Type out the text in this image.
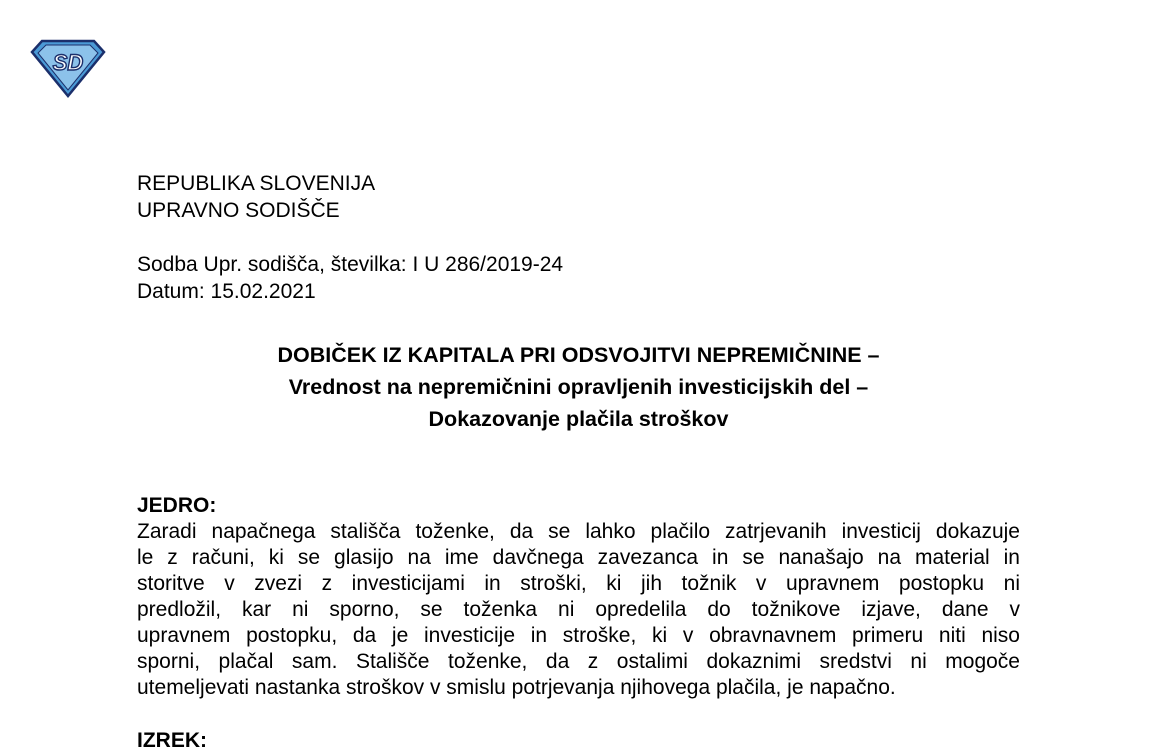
SD
REPUBLIKA SLOVENIJA
UPRAVNO SODIŠČE
Sodba Upr. sodišča, številka: I U 286/2019-24
Datum: 15.02.2021
DOBIČEK IZ KAPITALA PRI ODSVOJITVI NEPREMIČNINE –
Vrednost na nepremičnini opravljenih investicijskih del –
Dokazovanje plačila stroškov
JEDRO:
Zaradi napačnega stališča toženke, da se lahko plačilo zatrjevanih investicij dokazuje
le z računi, ki se glasijo na ime davčnega zavezanca in se nanašajo na material in
storitve v zvezi z investicijami in stroški, ki jih tožnik v upravnem postopku ni
predložil, kar ni sporno, se toženka ni opredelila do tožnikove izjave, dane v
upravnem postopku, da je investicije in stroške, ki v obravnavnem primeru niti niso
sporni, plačal sam. Stališče toženke, da z ostalimi dokaznimi sredstvi ni mogoče
utemeljevati nastanka stroškov v smislu potrjevanja njihovega plačila, je napačno.
IZREK:
